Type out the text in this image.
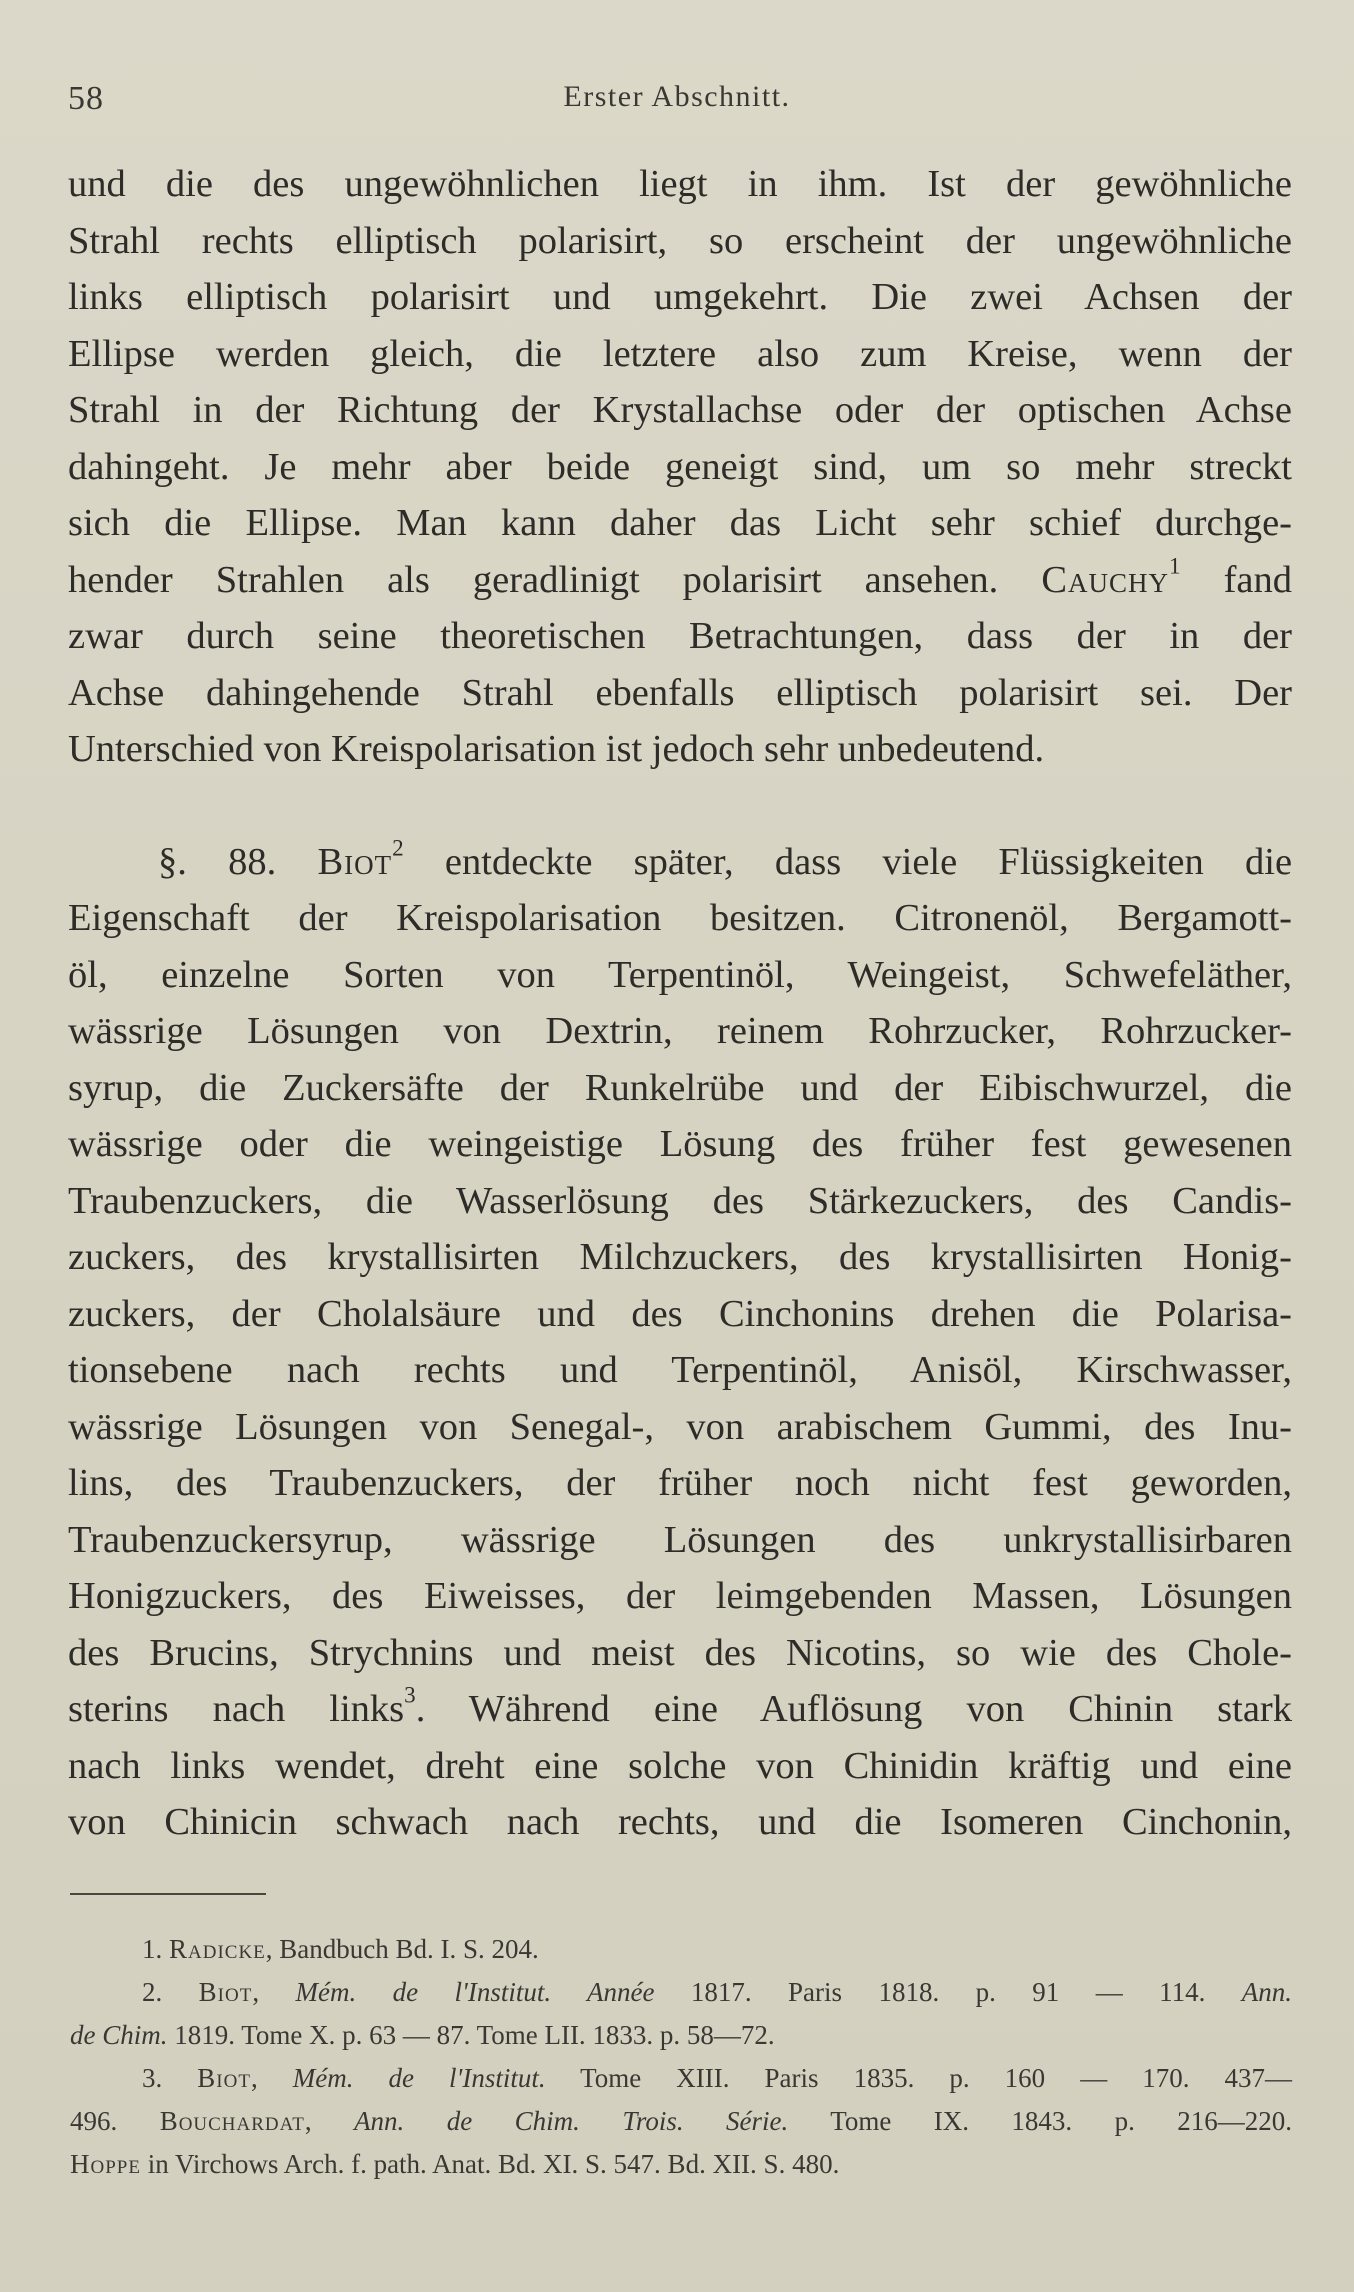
58	Erster Abschnitt.
und die des ungewöhnlichen liegt in ihm. Ist der gewöhnliche
Strahl rechts elliptisch polarisirt, so erscheint der ungewöhnliche
links elliptisch polarisirt und umgekehrt. Die zwei Achsen der
Ellipse werden gleich, die letztere also zum Kreise, wenn der
Strahl in der Richtung der Krystallachse oder der optischen Achse
dahingeht. Je mehr aber beide geneigt sind, um so mehr streckt
sich die Ellipse. Man kann daher das Licht sehr schief durchge-
hender Strahlen als geradlinigt polarisirt ansehen. Cauchy$^1$ fand
zwar durch seine theoretischen Betrachtungen, dass der in der
Achse dahingehende Strahl ebenfalls elliptisch polarisirt sei. Der
Unterschied von Kreispolarisation ist jedoch sehr unbedeutend.
§. 88. Biot$^2$ entdeckte später, dass viele Flüssigkeiten die
Eigenschaft der Kreispolarisation besitzen. Citronenöl, Bergamott-
öl, einzelne Sorten von Terpentinöl, Weingeist, Schwefeläther,
wässrige Lösungen von Dextrin, reinem Rohrzucker, Rohrzucker-
syrup, die Zuckersäfte der Runkelrübe und der Eibischwurzel, die
wässrige oder die weingeistige Lösung des früher fest gewesenen
Traubenzuckers, die Wasserlösung des Stärkezuckers, des Candis-
zuckers, des krystallisirten Milchzuckers, des krystallisirten Honig-
zuckers, der Cholalsäure und des Cinchonins drehen die Polarisa-
tionsebene nach rechts und Terpentinöl, Anisöl, Kirschwasser,
wässrige Lösungen von Senegal-, von arabischem Gummi, des Inu-
lins, des Traubenzuckers, der früher noch nicht fest geworden,
Traubenzuckersyrup, wässrige Lösungen des unkrystallisirbaren
Honigzuckers, des Eiweisses, der leimgebenden Massen, Lösungen
des Brucins, Strychnins und meist des Nicotins, so wie des Chole-
sterins nach links$^3$. Während eine Auflösung von Chinin stark
nach links wendet, dreht eine solche von Chinidin kräftig und eine
von Chinicin schwach nach rechts, und die Isomeren Cinchonin,
1. Radicke, Bandbuch Bd. I. S. 204.
2. Biot, Mém. de l'Institut. Année 1817. Paris 1818. p. 91 — 114. Ann.
de Chim. 1819. Tome X. p. 63 — 87. Tome LII. 1833. p. 58—72.
3. Biot, Mém. de l'Institut. Tome XIII. Paris 1835. p. 160 — 170. 437—
496. Bouchardat, Ann. de Chim. Trois. Série. Tome IX. 1843. p. 216—220.
Hoppe in Virchows Arch. f. path. Anat. Bd. XI. S. 547. Bd. XII. S. 480.
